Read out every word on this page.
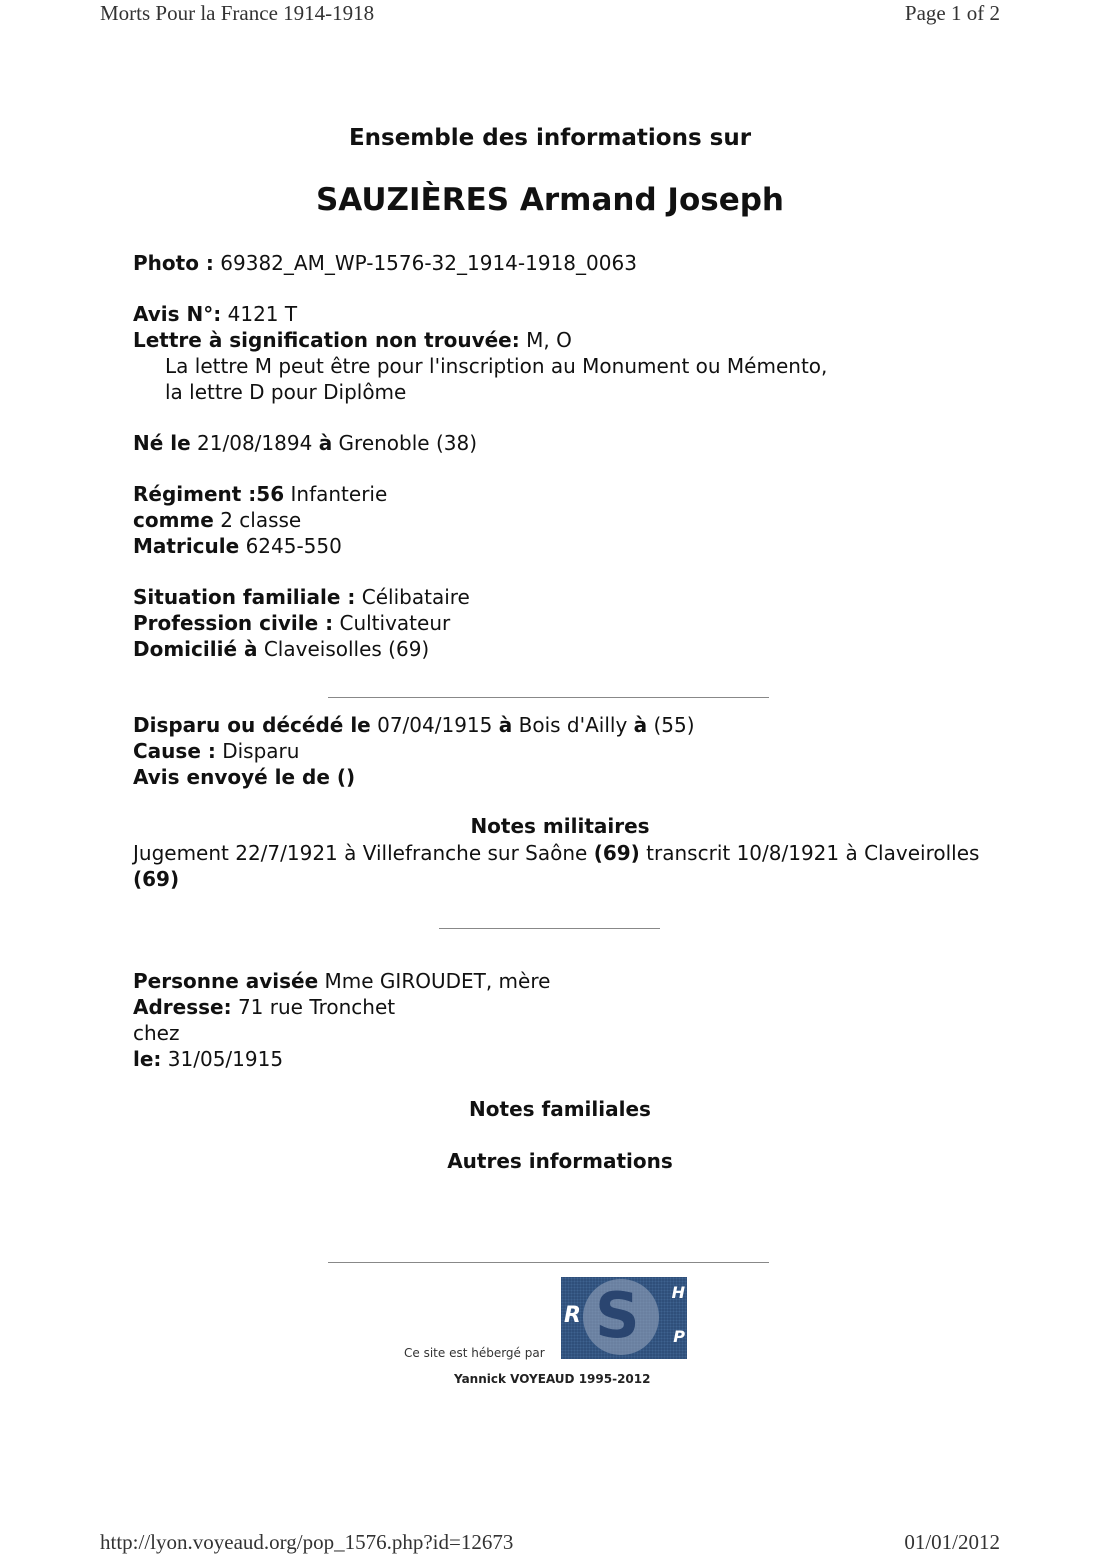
Morts Pour la France 1914-1918	Page 1 of 2
Ensemble des informations sur
SAUZIÈRES Armand Joseph
Photo : 69382_AM_WP-1576-32_1914-1918_0063
Avis N°: 4121 T
Lettre à signification non trouvée: M, O
La lettre M peut être pour l'inscription au Monument ou Mémento,
la lettre D pour Diplôme
Né le 21/08/1894 à Grenoble (38)
Régiment :56 Infanterie
comme 2 classe
Matricule 6245-550
Situation familiale : Célibataire
Profession civile : Cultivateur
Domicilié à Claveisolles (69)
Disparu ou décédé le 07/04/1915 à Bois d'Ailly à (55)
Cause : Disparu
Avis envoyé le de ()
Notes militaires
Jugement 22/7/1921 à Villefranche sur Saône (69) transcrit 10/8/1921 à Claveirolles
(69)
Personne avisée Mme GIROUDET, mère
Adresse: 71 rue Tronchet
chez
le: 31/05/1915
Notes familiales
Autres informations
S
R
H
P
Ce site est hébergé par
Yannick VOYEAUD 1995-2012
http://lyon.voyeaud.org/pop_1576.php?id=12673	01/01/2012
